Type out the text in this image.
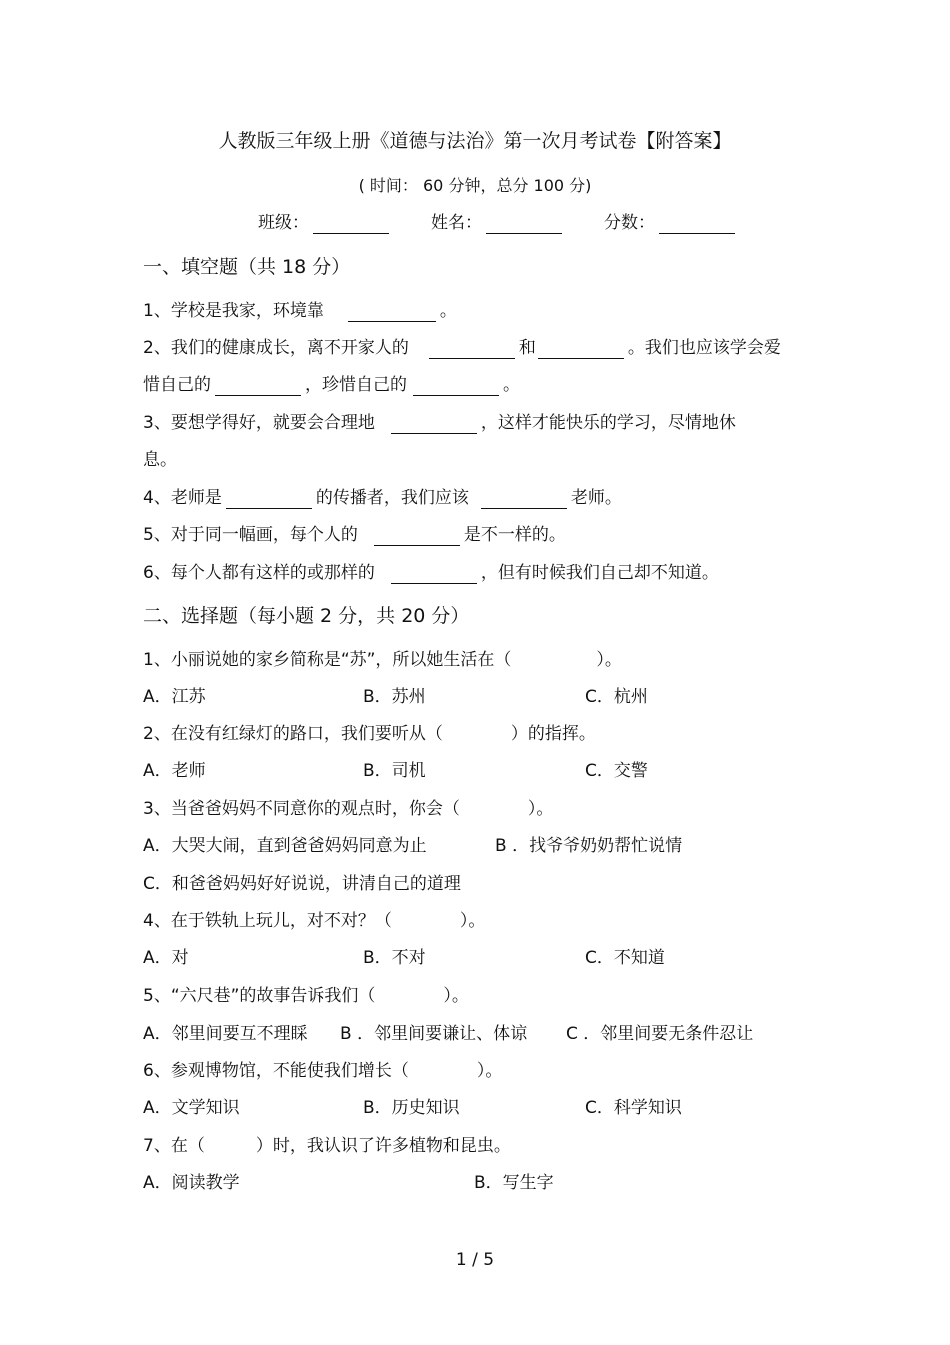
人教版三年级上册《道德与法治》第一次月考试卷【附答案】
( 时间： 60 分钟，总分 100 分)
班级：	姓名：	分数：
一、填空题（共 18 分）
1、学校是我家，环境靠	。
2、我们的健康成长，离不开家人的	和	。我们也应该学会爱
惜自己的	，珍惜自己的	。
3、要想学得好，就要会合理地	，这样才能快乐的学习，尽情地休
息。
4、老师是	的传播者，我们应该	老师。
5、对于同一幅画，每个人的	是不一样的。
6、每个人都有这样的或那样的	，但有时候我们自己却不知道。
二、选择题（每小题 2 分，共 20 分）
1、小丽说她的家乡简称是“苏”，所以她生活在（　　　　　）。
A．江苏	B．苏州	C．杭州
2、在没有红绿灯的路口，我们要听从（　　　　）的指挥。
A．老师	B．司机	C．交警
3、当爸爸妈妈不同意你的观点时，你会（　　　　）。
A．大哭大闹，直到爸爸妈妈同意为止	B ．找爷爷奶奶帮忙说情
C．和爸爸妈妈好好说说，讲清自己的道理
4、在于铁轨上玩儿，对不对？（　　　　）。
A．对	B．不对	C．不知道
5、“六尺巷”的故事告诉我们（　　　　）。
A．邻里间要互不理睬 B ．邻里间要谦让、体谅 C ．邻里间要无条件忍让
6、参观博物馆，不能使我们增长（　　　　）。
A．文学知识	B．历史知识	C．科学知识
7、在（　　　）时，我认识了许多植物和昆虫。
A．阅读教学	B．写生字
1 / 5
